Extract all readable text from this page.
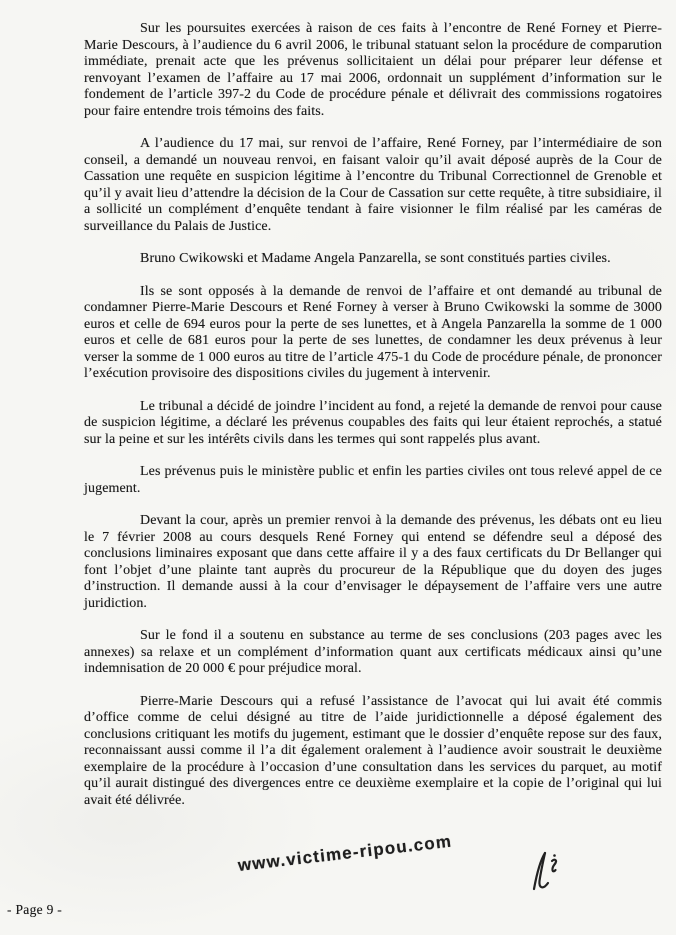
Sur les poursuites exercées à raison de ces faits à l’encontre de René Forney et Pierre-Marie Descours, à l’audience du 6 avril 2006, le tribunal statuant selon la procédure de comparution immédiate, prenait acte que les prévenus sollicitaient un délai pour préparer leur défense et renvoyant l’examen de l’affaire au 17 mai 2006, ordonnait un supplément d’information sur le fondement de l’article 397-2 du Code de procédure pénale et délivrait des commissions rogatoires pour faire entendre trois témoins des faits.

A l’audience du 17 mai, sur renvoi de l’affaire, René Forney, par l’intermédiaire de son conseil, a demandé un nouveau renvoi, en faisant valoir qu’il avait déposé auprès de la Cour de Cassation une requête en suspicion légitime à l’encontre du Tribunal Correctionnel de Grenoble et qu’il y avait lieu d’attendre la décision de la Cour de Cassation sur cette requête, à titre subsidiaire, il a sollicité un complément d’enquête tendant à faire visionner le film réalisé par les caméras de surveillance du Palais de Justice.

Bruno Cwikowski et Madame Angela Panzarella, se sont constitués parties civiles.

Ils se sont opposés à la demande de renvoi de l’affaire et ont demandé au tribunal de condamner Pierre-Marie Descours et René Forney à verser à Bruno Cwikowski la somme de 3000 euros et celle de 694 euros pour la perte de ses lunettes, et à Angela Panzarella la somme de 1 000 euros et celle de 681 euros pour la perte de ses lunettes, de condamner les deux prévenus à leur verser la somme de 1 000 euros au titre de l’article 475-1 du Code de procédure pénale, de prononcer l’exécution provisoire des dispositions civiles du jugement à intervenir.

Le tribunal a décidé de joindre l’incident au fond, a rejeté la demande de renvoi pour cause de suspicion légitime, a déclaré les prévenus coupables des faits qui leur étaient reprochés, a statué sur la peine et sur les intérêts civils dans les termes qui sont rappelés plus avant.

Les prévenus puis le ministère public et enfin les parties civiles ont tous relevé appel de ce jugement.

Devant la cour, après un premier renvoi à la demande des prévenus, les débats ont eu lieu le 7 février 2008 au cours desquels René Forney qui entend se défendre seul a déposé des conclusions liminaires exposant que dans cette affaire il y a des faux certificats du Dr Bellanger qui font l’objet d’une plainte tant auprès du procureur de la République que du doyen des juges d’instruction. Il demande aussi à la cour d’envisager le dépaysement de l’affaire vers une autre juridiction.

Sur le fond il a soutenu en substance au terme de ses conclusions (203 pages avec les annexes) sa relaxe et un complément d’information quant aux certificats médicaux ainsi qu’une indemnisation de 20 000 € pour préjudice moral.

Pierre-Marie Descours qui a refusé l’assistance de l’avocat qui lui avait été commis d’office comme de celui désigné au titre de l’aide juridictionnelle a déposé également des conclusions critiquant les motifs du jugement, estimant que le dossier d’enquête repose sur des faux, reconnaissant aussi comme il l’a dit également oralement à l’audience avoir soustrait le deuxième exemplaire de la procédure à l’occasion d’une consultation dans les services du parquet, au motif qu’il aurait distingué des divergences entre ce deuxième exemplaire et la copie de l’original qui lui avait été délivrée.

www.victime-ripou.com
- Page 9 -
